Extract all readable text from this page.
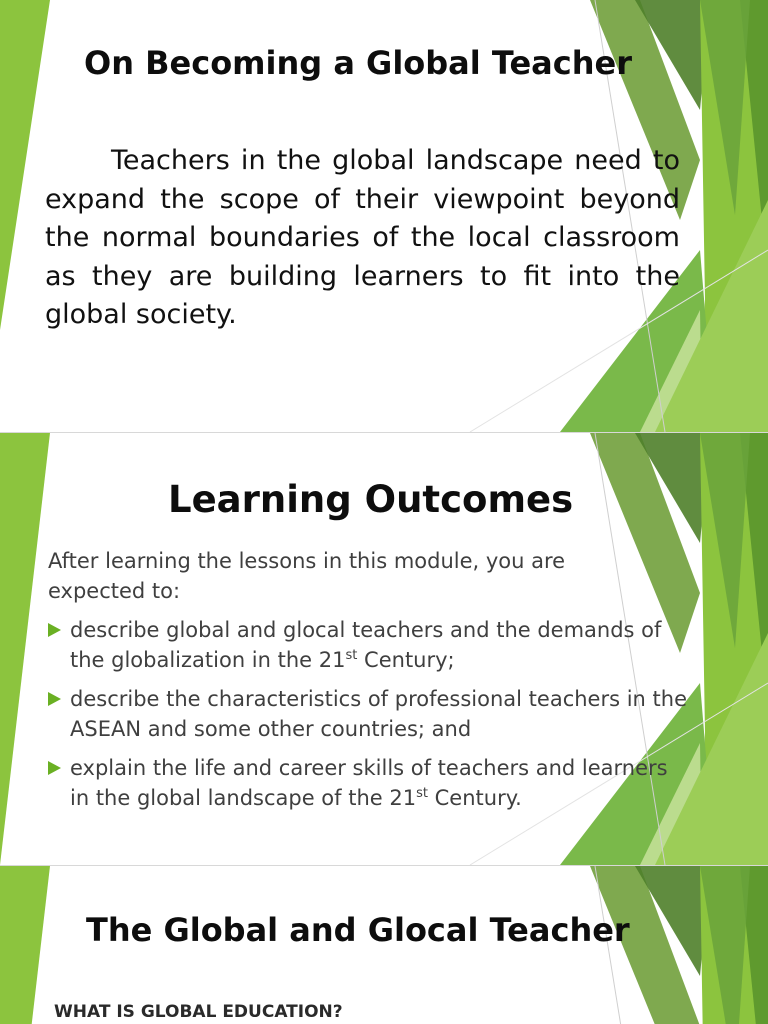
On Becoming a Global Teacher

Teachers in the global landscape need to expand the scope of their viewpoint beyond the normal boundaries of the local classroom as they are building learners to fit into the global society.

Learning Outcomes

After learning the lessons in this module, you are expected to:

describe global and glocal teachers and the demands of the globalization in the 21st Century;
describe the characteristics of professional teachers in the ASEAN and some other countries; and
explain the life and career skills of teachers and learners in the global landscape of the 21st Century.
The Global and Glocal Teacher

WHAT IS GLOBAL EDUCATION?
